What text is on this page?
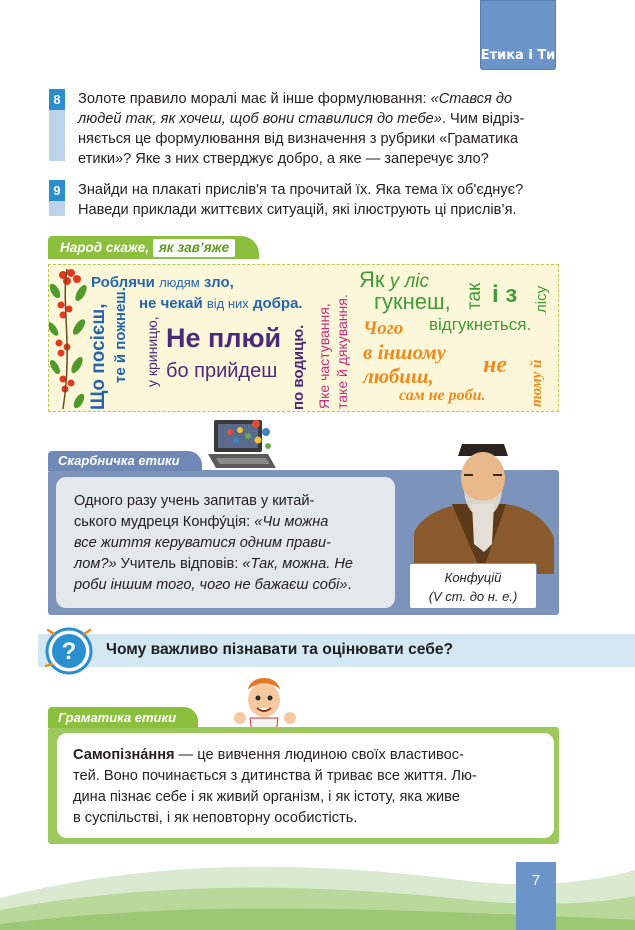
Етика і Ти
8	Золоте правило моралі має й інше формулювання: «Стався до
людей так, як хочеш, щоб вони ставилися до тебе». Чим відріз-
няється це формулювання від визначення з рубрики «Граматика
етики»? Яке з них стверджує добро, а яке — заперечує зло?
9	Знайди на плакаті прислів'я та прочитай їх. Яка тема їх об'єднує?
Наведи приклади життєвих ситуацій, які ілюструють ці прислів’я.
Народ скаже, як зав’яже
Що посієш, те й пожнеш.
Роблячи людям зло,
не чекай від них добра.
у криницю, Не плюй
бо прийдеш по водицю. Яке частування, таке й дякування.
Як у ліс
гукнеш, так і з лісу
відгукнеться.
Чого
в іншому
любиш, не
сам не роби.	тому й
Скарбничка етики
Одного разу учень запитав у китай-
ського мудреця Конфу́ція: «Чи можна
все життя керуватися одним прави-
лом?» Учитель відповів: «Так, можна. Не
роби іншим того, чого не бажаєш собі».	Конфуцій
(V ст. до н. е.)
? Чому важливо пізнавати та оцінювати себе?
Граматика етики
Самопізна́ння — це вивчення людиною своїх властивос-
тей. Воно починається з дитинства й триває все життя. Лю-
дина пізнає себе і як живий організм, і як істоту, яка живе
в суспільстві, і як неповторну особистість.
7
